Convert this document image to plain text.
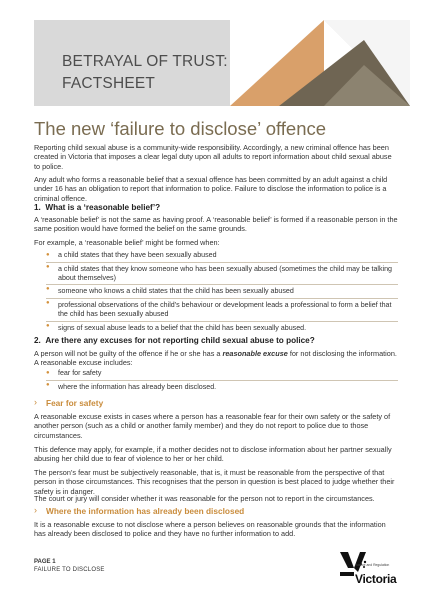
BETRAYAL OF TRUST:
FACTSHEET
The new ‘failure to disclose’ offence

Reporting child sexual abuse is a community-wide responsibility. Accordingly, a new criminal offence has been created in Victoria that imposes a clear legal duty upon all adults to report information about child sexual abuse to police.

Any adult who forms a reasonable belief that a sexual offence has been committed by an adult against a child under 16 has an obligation to report that information to police. Failure to disclose the information to police is a criminal offence.

1.  What is a ‘reasonable belief’?

A ‘reasonable belief’ is not the same as having proof. A ‘reasonable belief’ is formed if a reasonable person in the same position would have formed the belief on the same grounds.

For example, a ‘reasonable belief’ might be formed when:

● a child states that they have been sexually abused
● a child states that they know someone who has been sexually abused (sometimes the child may be talking about themselves)
● someone who knows a child states that the child has been sexually abused
● professional observations of the child’s behaviour or development leads a professional to form a belief that the child has been sexually abused
● signs of sexual abuse leads to a belief that the child has been sexually abused.
2.  Are there any excuses for not reporting child sexual abuse to police?

A person will not be guilty of the offence if he or she has a reasonable excuse for not disclosing the information. A reasonable excuse includes:

● fear for safety
● where the information has already been disclosed.
›	Fear for safety

A reasonable excuse exists in cases where a person has a reasonable fear for their own safety or the safety of another person (such as a child or another family member) and they do not report to police due to those circumstances.

This defence may apply, for example, if a mother decides not to disclose information about her partner sexually abusing her child due to fear of violence to her or her child.

The person’s fear must be subjectively reasonable, that is, it must be reasonable from the perspective of that person in those circumstances. This recognises that the person in question is best placed to judge whether their safety is in danger.

The court or jury will consider whether it was reasonable for the person not to report in the circumstances.

›	Where the information has already been disclosed

It is a reasonable excuse to not disclose where a person believes on reasonable grounds that the information has already been disclosed to police and they have no further information to add.

PAGE 1
FAILURE TO DISCLOSE
Justice and Regulation
Victoria
